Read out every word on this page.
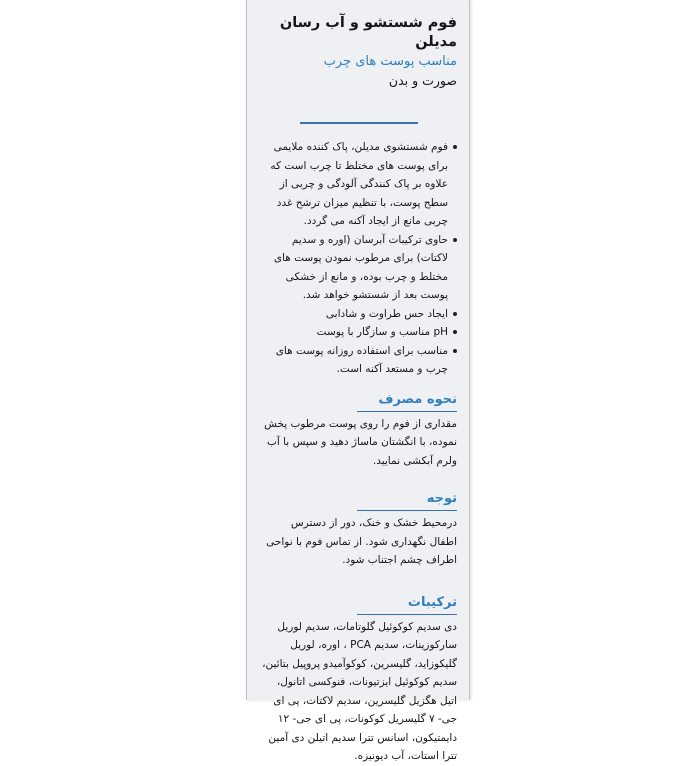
فوم شستشو و آب رسان مدیلن
مناسب پوست های چرب
صورت و بدن
فوم شستشوی مدیلن، پاک کننده ملایمی برای پوست های مختلط تا چرب است که علاوه بر پاک کنندگی آلودگی و چربی از سطح پوست، با تنظیم میزان ترشح غدد چربی مانع از ایجاد آکنه می گردد.
حاوی ترکیبات آبرسان (اوره و سدیم لاکتات) برای مرطوب نمودن پوست های مختلط و چرب بوده، و مانع از خشکی پوست بعد از شستشو خواهد شد.
ایجاد حس طراوت و شادابی
pH مناسب و سازگار با پوست
مناسب برای استفاده روزانه پوست های چرب و مستعد آکنه است.
نحوه مصرف

مقداری از فوم را روی پوست مرطوب پخش نموده، با انگشتان ماساژ دهید و سپس با آب ولرم آبکشی نمایید.

توجه

درمحیط خشک و خنک، دور از دسترس اطفال نگهداری شود. از تماس فوم با نواحی اطراف چشم اجتناب شود.

ترکیبات

دی سدیم کوکوئیل گلوتامات، سدیم لوریل سارکوزینات، سدیم PCA ، اوره، لوریل گلیکوزاید، گلیسرین، کوکوآمیدو پروپیل بتائین، سدیم کوکوئیل ایزتیونات، فنوکسی اتانول، اتیل هگزیل گلیسرین، سدیم لاکتات، پی ای جی- ۷ گلیسریل کوکونات، پی ای جی- ۱۲ دایمتیکون، اسانس تترا سدیم اتیلن دی آمین تترا استات، آب دیونیزه.
